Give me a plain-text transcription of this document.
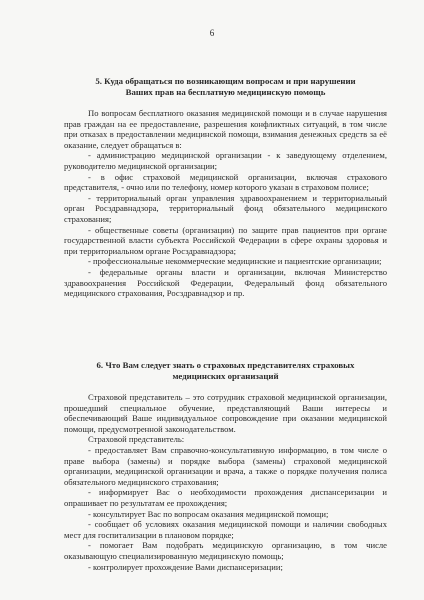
6

5. Куда обращаться по возникающим вопросам и при нарушении

Ваших прав на бесплатную медицинскую помощь

По вопросам бесплатного оказания медицинской помощи и в случае нарушения прав граждан на ее предоставление, разрешения конфликтных ситуаций, в том числе при отказах в предоставлении медицинской помощи, взимания денежных средств за её оказание, следует обращаться в:

- администрацию медицинской организации - к заведующему отделением, руководителю медицинской организации;

- в офис страховой медицинской организации, включая страхового представителя, - очно или по телефону, номер которого указан в страховом полисе;

- территориальный орган управления здравоохранением и территориальный орган Росздравнадзора, территориальный фонд обязательного медицинского страхования;

- общественные советы (организации) по защите прав пациентов при органе государственной власти субъекта Российской Федерации в сфере охраны здоровья и при территориальном органе Росздравнадзора;

- профессиональные некоммерческие медицинские и пациентские организации;

- федеральные органы власти и организации, включая Министерство здравоохранения Российской Федерации, Федеральный фонд обязательного медицинского страхования, Росздравнадзор и пр.

6. Что Вам следует знать о страховых представителях страховых

медицинских организаций

Страховой представитель – это сотрудник страховой медицинской организации, прошедший специальное обучение, представляющий Ваши интересы и обеспечивающий Ваше индивидуальное сопровождение при оказании медицинской помощи, предусмотренной законодательством.

Страховой представитель:

- предоставляет Вам справочно-консультативную информацию, в том числе о праве выбора (замены) и порядке выбора (замены) страховой медицинской организации, медицинской организации и врача, а также о порядке получения полиса обязательного медицинского страхования;

- информирует Вас о необходимости прохождения диспансеризации и опрашивает по результатам ее прохождения;

- консультирует Вас по вопросам оказания медицинской помощи;

- сообщает об условиях оказания медицинской помощи и наличии свободных мест для госпитализации в плановом порядке;

- помогает Вам подобрать медицинскую организацию, в том числе оказывающую специализированную медицинскую помощь;

- контролирует прохождение Вами диспансеризации;
